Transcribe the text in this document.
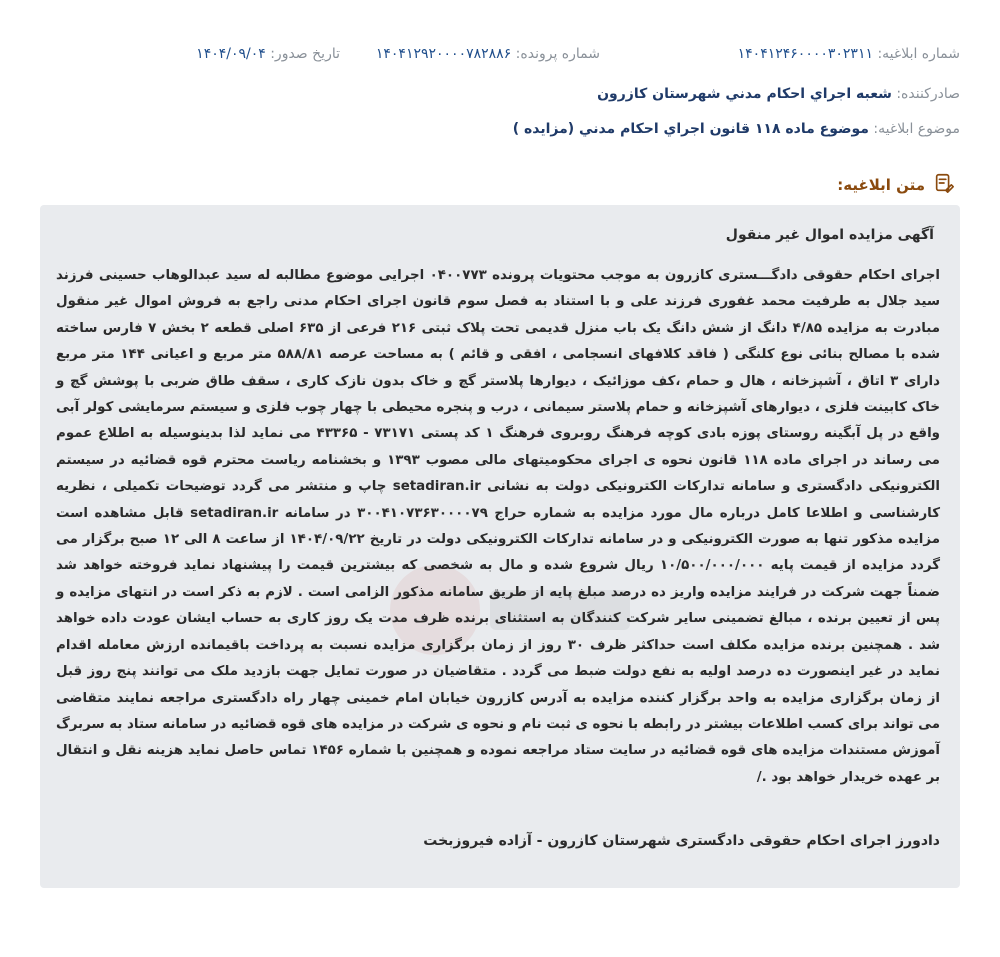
شماره ابلاغیه: ۱۴۰۴۱۲۴۶۰۰۰۰۳۰۲۳۱۱
شماره پرونده: ۱۴۰۴۱۲۹۲۰۰۰۰۷۸۲۸۸۶
تاریخ صدور: ۱۴۰۴/۰۹/۰۴
صادرکننده: شعبه اجراي احكام مدني شهرستان كازرون
موضوع ابلاغیه: موضوع ماده ۱۱۸ قانون اجراي احكام مدني (مزايده )
متن ابلاغیه:
آگهی مزایده اموال غیر منقول

اجرای احکام حقوقی دادگـــستری کازرون به موجب محتویات پرونده ۰۴۰۰۷۷۳ اجرایی موضوع مطالبه له سید عبدالوهاب حسینی فرزند سید جلال به طرفیت محمد غفوری فرزند علی و با استناد به فصل سوم قانون اجرای احکام مدنی راجع به فروش اموال غیر منقول مبادرت به مزایده ۴/۸۵ دانگ از شش دانگ یک باب منزل قدیمی تحت پلاک ثبتی ۲۱۶ فرعی از ۶۳۵ اصلی قطعه ۲ بخش ۷ فارس ساخته شده با مصالح بنائی نوع کلنگی ( فاقد کلافهای انسجامی ، افقی و قائم ) به مساحت عرصه ۵۸۸/۸۱ متر مربع و اعیانی ۱۴۴ متر مربع دارای ۳ اتاق ، آشپزخانه ، هال و حمام ،کف موزائیک ، دیوارها پلاستر گچ و خاک بدون نازک کاری ، سقف طاق ضربی با پوشش گچ و خاک کابینت فلزی ، دیوارهای آشپزخانه و حمام پلاستر سیمانی ، درب و پنجره محیطی با چهار چوب فلزی و سیستم سرمایشی کولر آبی واقع در پل آبگینه روستای پوزه بادی کوچه فرهنگ روبروی فرهنگ ۱ کد پستی ۷۳۱۷۱ - ۴۳۳۶۵ می نماید لذا بدینوسیله به اطلاع عموم می رساند در اجرای ماده ۱۱۸ قانون نحوه ی اجرای محکومیتهای مالی مصوب ۱۳۹۳ و بخشنامه ریاست محترم قوه قضائیه در سیستم الکترونیکی دادگستری و سامانه تدارکات الکترونیکی دولت به نشانی setadiran.ir چاپ و منتشر می گردد توضیحات تکمیلی ، نظریه کارشناسی و اطلاعا کامل درباره مال مورد مزایده به شماره حراج ۳۰۰۴۱۰۷۳۶۳۰۰۰۰۷۹ در سامانه setadiran.ir قابل مشاهده است مزایده مذکور تنها به صورت الکترونیکی و در سامانه تدارکات الکترونیکی دولت در تاریخ ۱۴۰۴/۰۹/۲۲ از ساعت ۸ الی ۱۲ صبح برگزار می گردد مزایده از قیمت پایه ۱۰/۵۰۰/۰۰۰/۰۰۰ ریال شروع شده و مال به شخصی که بیشترین قیمت را پیشنهاد نماید فروخته خواهد شد ضمناً جهت شرکت در فرایند مزایده واریز ده درصد مبلغ پایه از طریق سامانه مذکور الزامی است . لازم به ذکر است در انتهای مزایده و پس از تعیین برنده ، مبالغ تضمینی سایر شرکت کنندگان به استثنای برنده ظرف مدت یک روز کاری به حساب ایشان عودت داده خواهد شد . همچنین برنده مزایده مکلف است حداکثر ظرف ۳۰ روز از زمان برگزاری مزایده نسبت به پرداخت باقیمانده ارزش معامله اقدام نماید در غیر اینصورت ده درصد اولیه به نفع دولت ضبط می گردد . متقاضیان در صورت تمایل جهت بازدید ملک می توانند پنج روز قبل از زمان برگزاری مزایده به واحد برگزار کننده مزایده به آدرس کازرون خیابان امام خمینی چهار راه دادگستری مراجعه نمایند متقاضی می تواند برای کسب اطلاعات بیشتر در رابطه با نحوه ی ثبت نام و نحوه ی شرکت در مزایده های قوه قضائیه در سامانه ستاد به سربرگ آموزش مستندات مزایده های قوه قضائیه در سایت ستاد مراجعه نموده و همچنین با شماره ۱۴۵۶ تماس حاصل نماید هزینه نقل و انتقال بر عهده خریدار خواهد بود ./

دادورز اجرای احکام حقوقی دادگستری شهرستان کازرون - آزاده فیروزبخت
